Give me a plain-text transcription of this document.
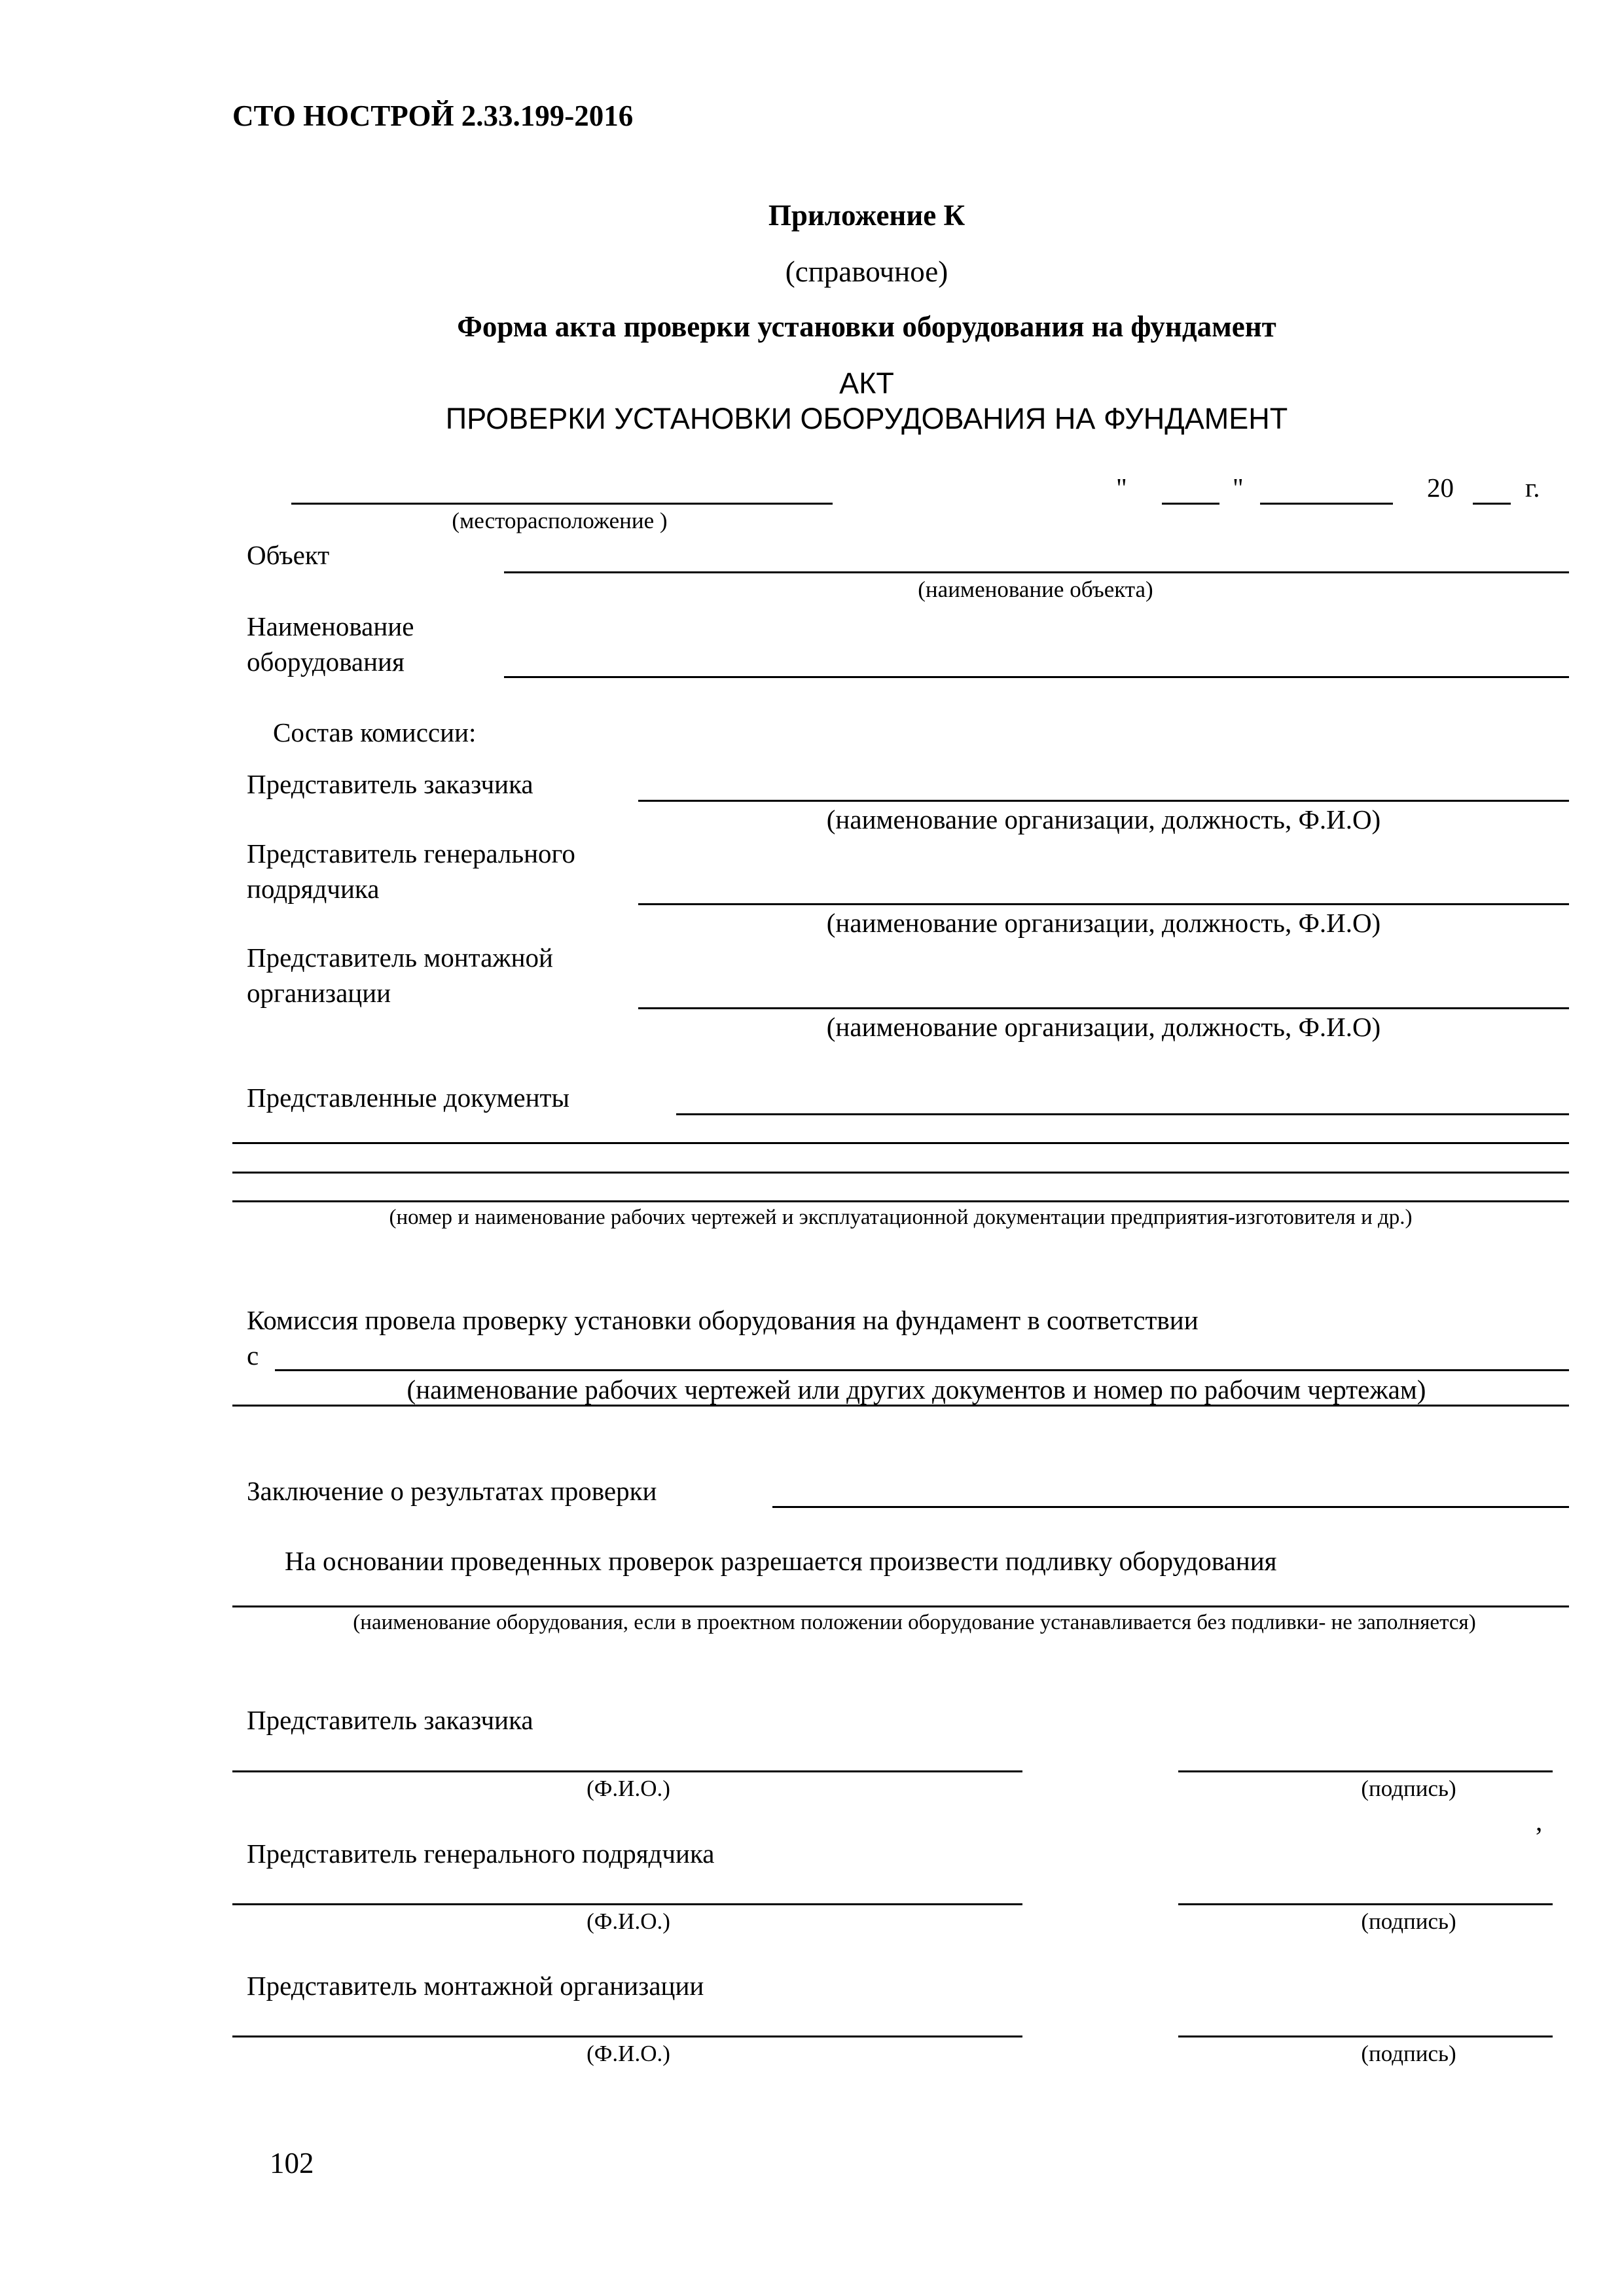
СТО НОСТРОЙ 2.33.199-2016
Приложение К
(справочное)
Форма акта проверки установки оборудования на фундамент
АКТ
ПРОВЕРКИ УСТАНОВКИ ОБОРУДОВАНИЯ НА ФУНДАМЕНТ
(месторасположение )
"	"	20	г.
Объект
(наименование объекта)
Наименование
оборудования
Состав комиссии:
Представитель заказчика
(наименование организации, должность, Ф.И.О)
Представитель генерального
подрядчика
(наименование организации, должность, Ф.И.О)
Представитель монтажной
организации
(наименование организации, должность, Ф.И.О)
Представленные документы
(номер и наименование рабочих чертежей и эксплуатационной документации предприятия-изготовителя и др.)
Комиссия провела проверку установки оборудования на фундамент в соответствии
с
(наименование рабочих чертежей или других документов и номер по рабочим чертежам)
Заключение о результатах проверки
На основании проведенных проверок разрешается произвести подливку оборудования
(наименование оборудования, если в проектном положении оборудование устанавливается без подливки- не заполняется)
Представитель заказчика
(Ф.И.О.)	(подпись)
,
Представитель генерального подрядчика
(Ф.И.О.)	(подпись)
Представитель монтажной организации
(Ф.И.О.)	(подпись)
102
